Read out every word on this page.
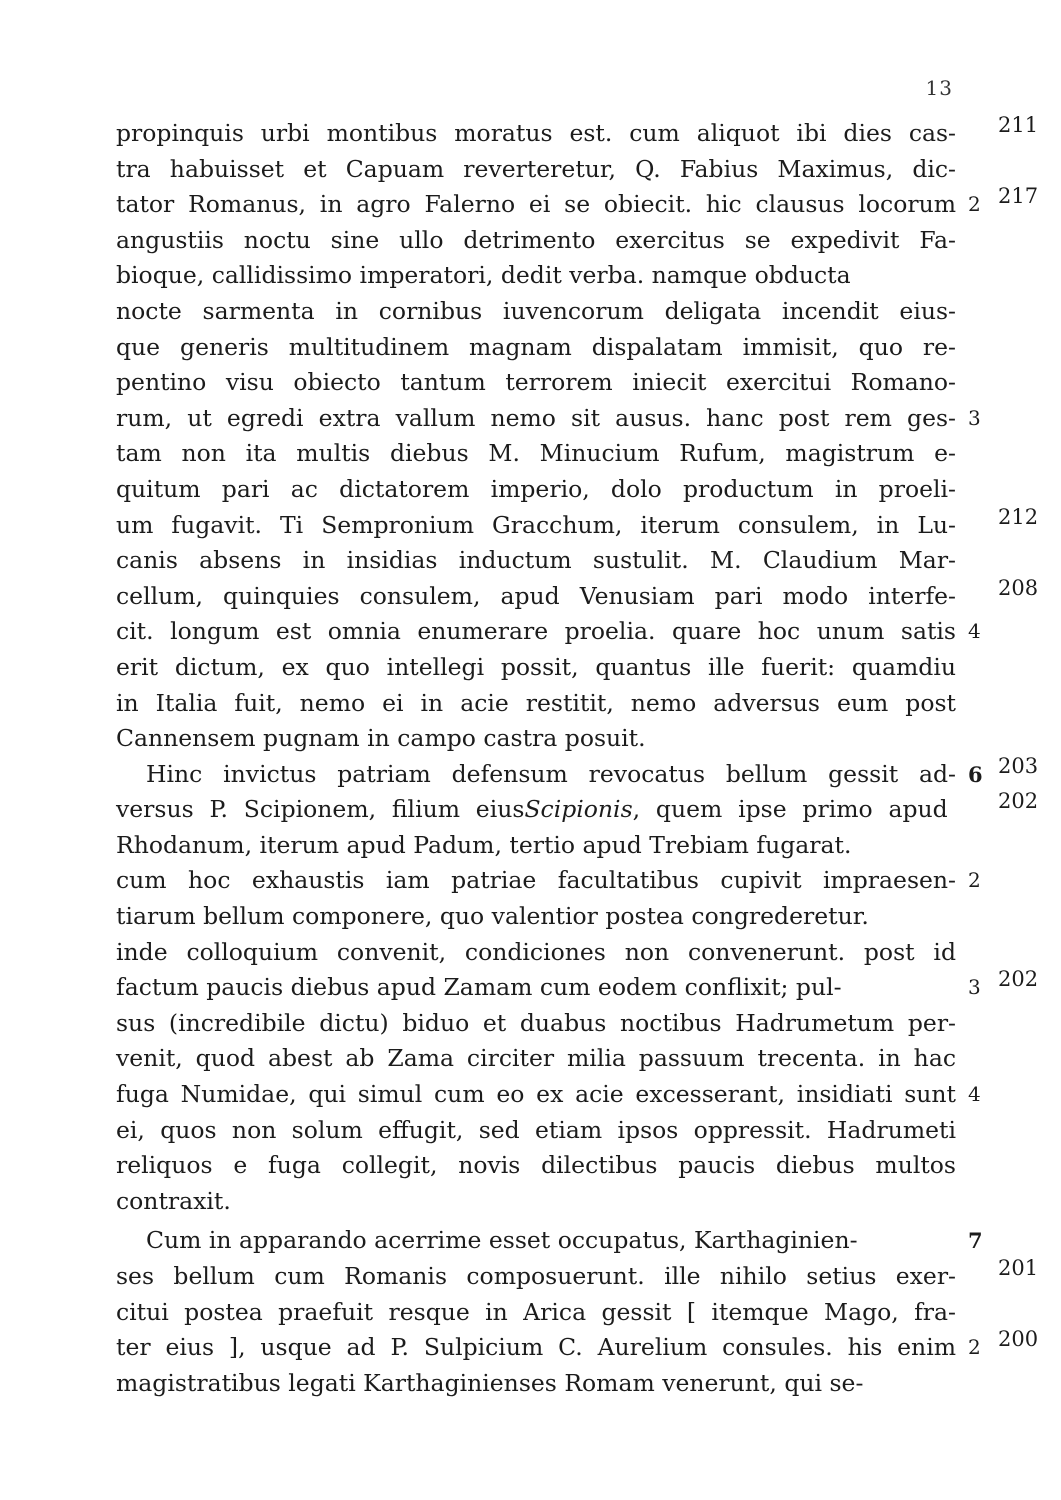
13
propinquis urbi montibus moratus est. cum aliquot ibi dies cas- 211
tra habuisset et Capuam reverteretur, Q. Fabius Maximus, dic-
tator Romanus, in agro Falerno ei se obiecit. hic clausus locorum 2 217
angustiis noctu sine ullo detrimento exercitus se expedivit Fa-
bioque, callidissimo imperatori, dedit verba. namque obducta
nocte sarmenta in cornibus iuvencorum deligata incendit eius-
que generis multitudinem magnam dispalatam immisit, quo re-
pentino visu obiecto tantum terrorem iniecit exercitui Romano-
rum, ut egredi extra vallum nemo sit ausus. hanc post rem ges- 3
tam non ita multis diebus M. Minucium Rufum, magistrum e-
quitum pari ac dictatorem imperio, dolo productum in proeli-
um fugavit. Ti Sempronium Gracchum, iterum consulem, in Lu- 212
canis absens in insidias inductum sustulit. M. Claudium Mar-
cellum, quinquies consulem, apud Venusiam pari modo interfe- 208
cit. longum est omnia enumerare proelia. quare hoc unum satis 4
erit dictum, ex quo intellegi possit, quantus ille fuerit: quamdiu
in Italia fuit, nemo ei in acie restitit, nemo adversus eum post
Cannensem pugnam in campo castra posuit.
Hinc invictus patriam defensum revocatus bellum gessit ad- 6 203
versus P. Scipionem, filium eiusScipionis, quem ipse primo apud 202
Rhodanum, iterum apud Padum, tertio apud Trebiam fugarat.
cum hoc exhaustis iam patriae facultatibus cupivit impraesen- 2
tiarum bellum componere, quo valentior postea congrederetur.
inde colloquium convenit, condiciones non convenerunt. post id
factum paucis diebus apud Zamam cum eodem conflixit; pul-	3 202
sus (incredibile dictu) biduo et duabus noctibus Hadrumetum per-
venit, quod abest ab Zama circiter milia passuum trecenta. in hac
fuga Numidae, qui simul cum eo ex acie excesserant, insidiati sunt 4
ei, quos non solum effugit, sed etiam ipsos oppressit. Hadrumeti
reliquos e fuga collegit, novis dilectibus paucis diebus multos
contraxit.
Cum in apparando acerrime esset occupatus, Karthaginien-	7
ses bellum cum Romanis composuerunt. ille nihilo setius exer- 201
citui postea praefuit resque in Arica gessit [ itemque Mago, fra-
ter eius ], usque ad P. Sulpicium C. Aurelium consules. his enim 2 200
magistratibus legati Karthaginienses Romam venerunt, qui se-
